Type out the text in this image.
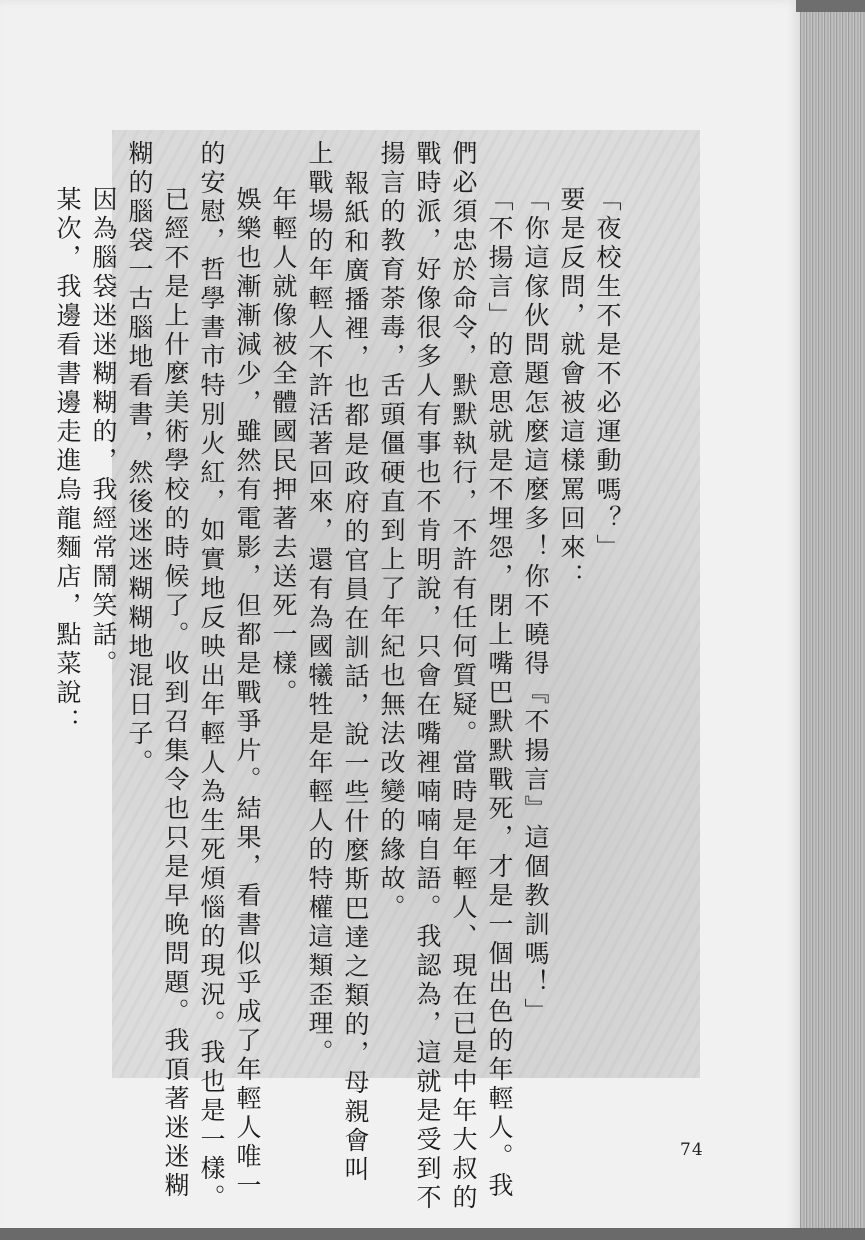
「夜校生不是不必運動嗎？」
要是反問，就會被這樣罵回來：
「你這傢伙問題怎麼這麼多！你不曉得『不揚言』這個教訓嗎！」
「不揚言」的意思就是不埋怨，閉上嘴巴默默戰死，才是一個出色的年輕人。我
們必須忠於命令，默默執行，不許有任何質疑。當時是年輕人、現在已是中年大叔的
戰時派，好像很多人有事也不肯明說，只會在嘴裡喃喃自語。我認為，這就是受到不
揚言的教育荼毒，舌頭僵硬直到上了年紀也無法改變的緣故。
報紙和廣播裡，也都是政府的官員在訓話，說一些什麼斯巴達之類的，母親會叫
上戰場的年輕人不許活著回來，還有為國犧牲是年輕人的特權這類歪理。
年輕人就像被全體國民押著去送死一樣。
娛樂也漸漸減少，雖然有電影，但都是戰爭片。結果，看書似乎成了年輕人唯一
的安慰，哲學書市特別火紅，如實地反映出年輕人為生死煩惱的現況。我也是一樣。
已經不是上什麼美術學校的時候了。收到召集令也只是早晚問題。我頂著迷迷糊
糊的腦袋一古腦地看書，然後迷迷糊糊地混日子。
因為腦袋迷迷糊糊的，我經常鬧笑話。
某次，我邊看書邊走進烏龍麵店，點菜說：
74
